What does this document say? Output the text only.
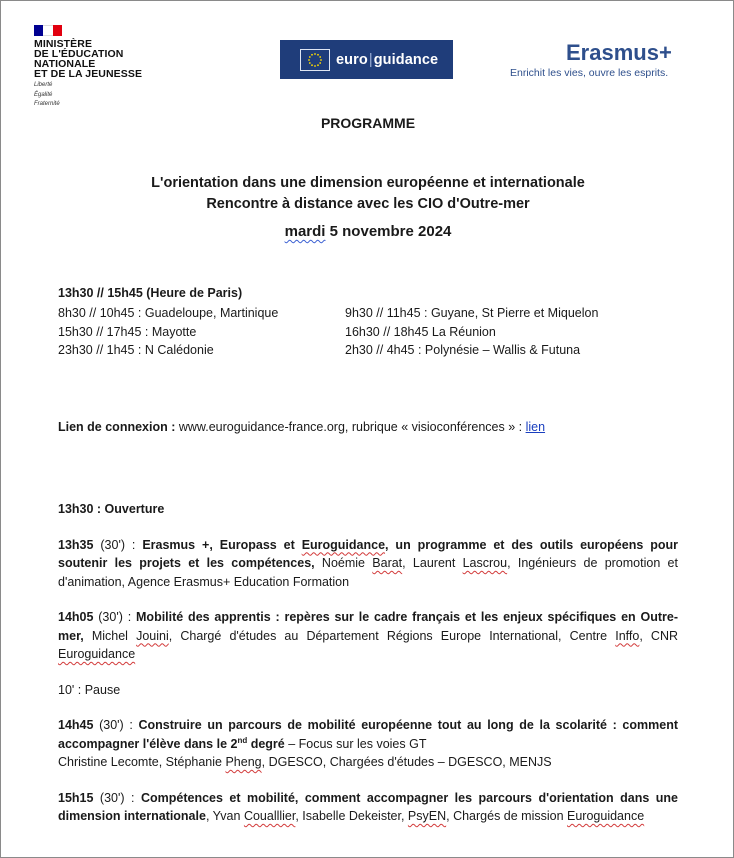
MINISTÈRE
DE L'ÉDUCATION
NATIONALE
ET DE LA JEUNESSE
Liberté
Égalité
Fraternité
euro|guidance	Erasmus+
Enrichit les vies, ouvre les esprits.
PROGRAMME
L'orientation dans une dimension européenne et internationale
Rencontre à distance avec les CIO d'Outre-mer
mardi 5 novembre 2024
13h30 // 15h45 (Heure de Paris)
8h30 // 10h45 : Guadeloupe, Martinique	9h30 // 11h45 : Guyane, St Pierre et Miquelon
15h30 // 17h45 : Mayotte	16h30 // 18h45 La Réunion
23h30 // 1h45 : N Calédonie	2h30 // 4h45 : Polynésie – Wallis & Futuna
Lien de connexion : www.euroguidance-france.org, rubrique « visioconférences » : lien

13h30 : Ouverture

13h35 (30') : Erasmus +, Europass et Euroguidance, un programme et des outils européens pour soutenir les projets et les compétences, Noémie Barat, Laurent Lascrou, Ingénieurs de promotion et d'animation, Agence Erasmus+ Education Formation

14h05 (30') : Mobilité des apprentis : repères sur le cadre français et les enjeux spécifiques en Outre-mer, Michel Jouini, Chargé d'études au Département Régions Europe International, Centre Inffo, CNR Euroguidance

10' : Pause

14h45 (30') : Construire un parcours de mobilité européenne tout au long de la scolarité : comment accompagner l'élève dans le 2nd degré – Focus sur les voies GT
Christine Lecomte, Stéphanie Pheng, DGESCO, Chargées d'études – DGESCO, MENJS

15h15 (30') : Compétences et mobilité, comment accompagner les parcours d'orientation dans une dimension internationale, Yvan Coualllier, Isabelle Dekeister, PsyEN, Chargés de mission Euroguidance
